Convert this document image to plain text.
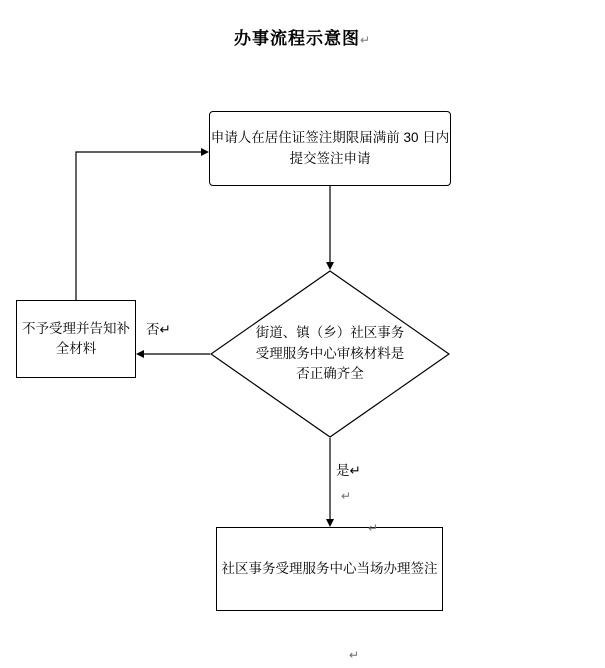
办事流程示意图↵
申请人在居住证签注期限届满前 30 日内提交签注申请
不予受理并告知补全材料
街道、镇（乡）社区事务受理服务中心审核材料是否正确齐全
社区事务受理服务中心当场办理签注
否↵
是↵
↵
↵
↵
